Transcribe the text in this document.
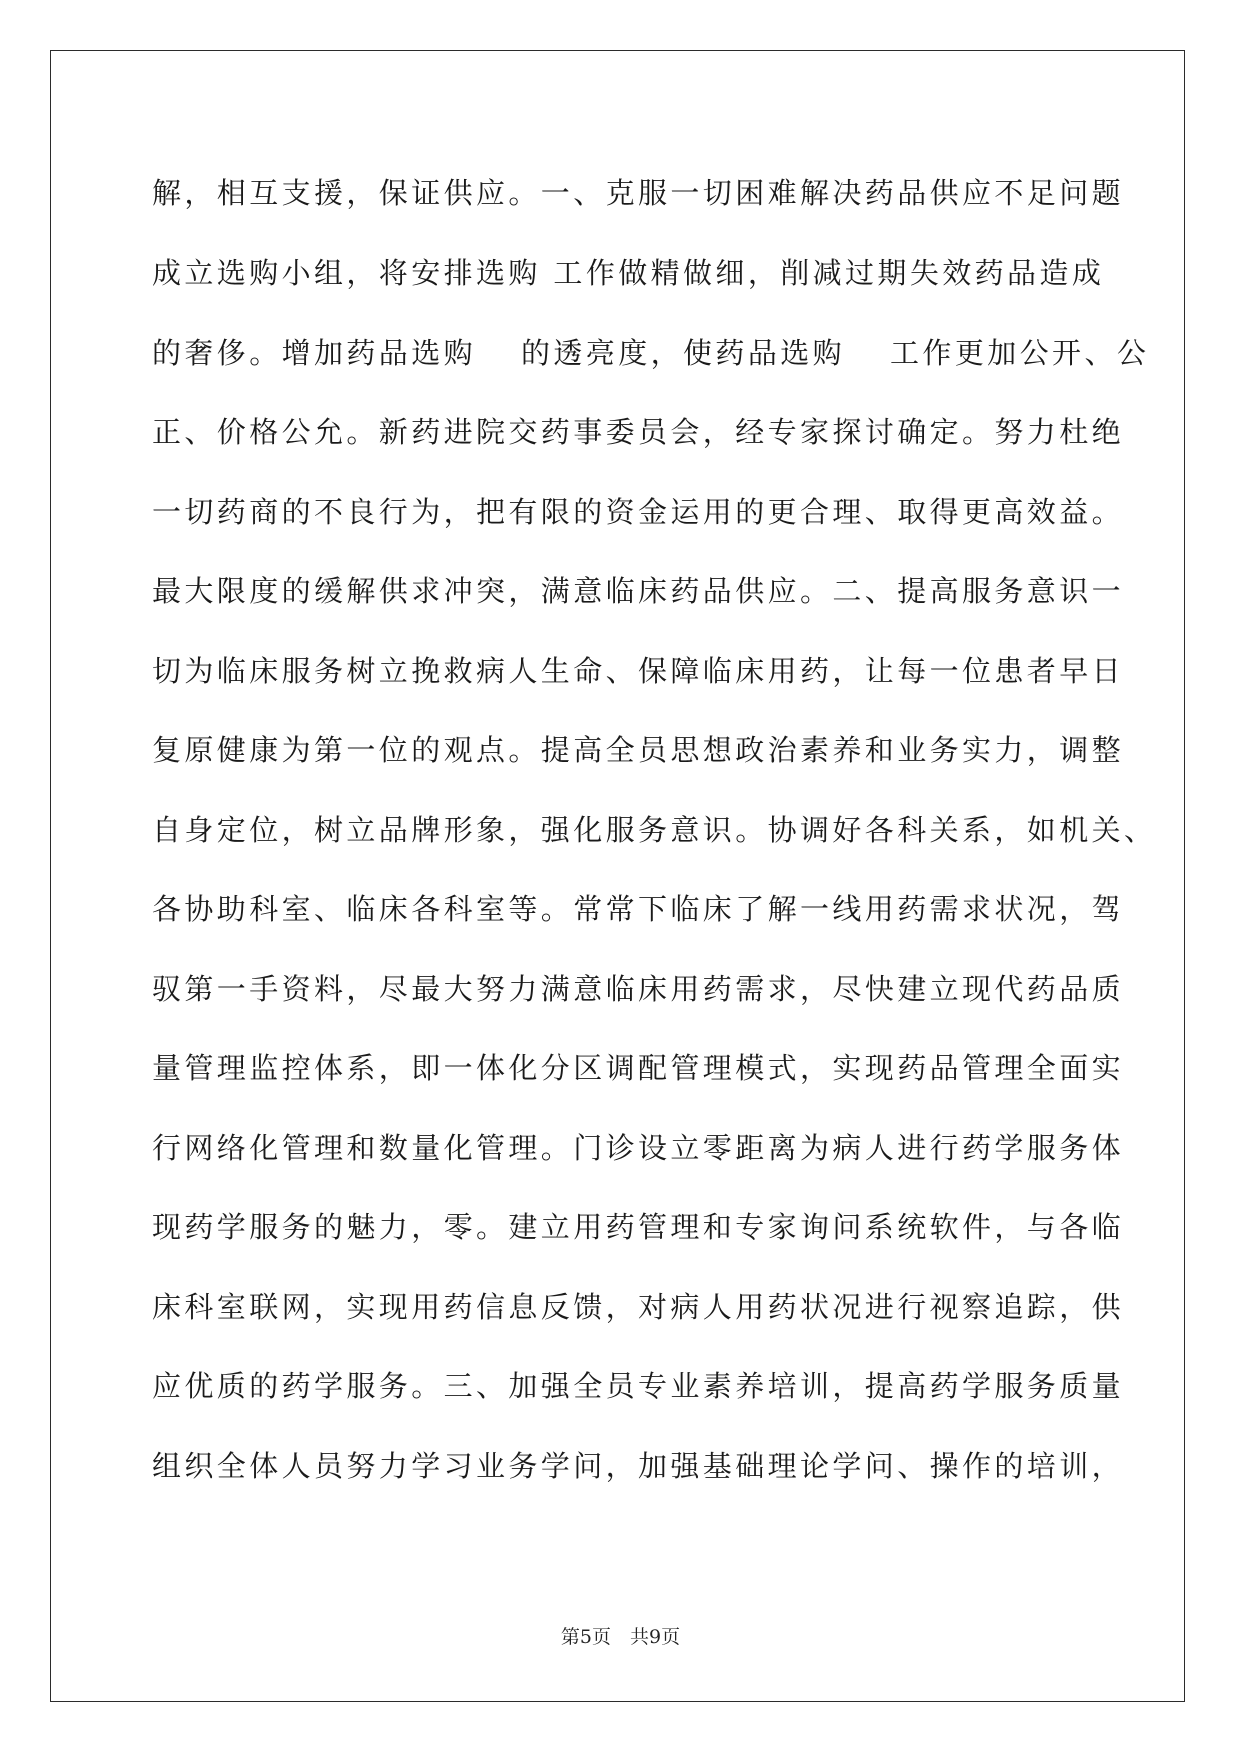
解，相互支援，保证供应。一、克服一切困难解决药品供应不足问题
成立选购小组，将安排选购 工作做精做细，削减过期失效药品造成
的奢侈。增加药品选购　 的透亮度，使药品选购　 工作更加公开、公
正、价格公允。新药进院交药事委员会，经专家探讨确定。努力杜绝
一切药商的不良行为，把有限的资金运用的更合理、取得更高效益。
最大限度的缓解供求冲突，满意临床药品供应。二、提高服务意识一
切为临床服务树立挽救病人生命、保障临床用药，让每一位患者早日
复原健康为第一位的观点。提高全员思想政治素养和业务实力，调整
自身定位，树立品牌形象，强化服务意识。协调好各科关系，如机关、
各协助科室、临床各科室等。常常下临床了解一线用药需求状况，驾
驭第一手资料，尽最大努力满意临床用药需求，尽快建立现代药品质
量管理监控体系，即一体化分区调配管理模式，实现药品管理全面实
行网络化管理和数量化管理。门诊设立零距离为病人进行药学服务体
现药学服务的魅力，零。建立用药管理和专家询问系统软件，与各临
床科室联网，实现用药信息反馈，对病人用药状况进行视察追踪，供
应优质的药学服务。三、加强全员专业素养培训，提高药学服务质量
组织全体人员努力学习业务学问，加强基础理论学问、操作的培训，
第5页　共9页
